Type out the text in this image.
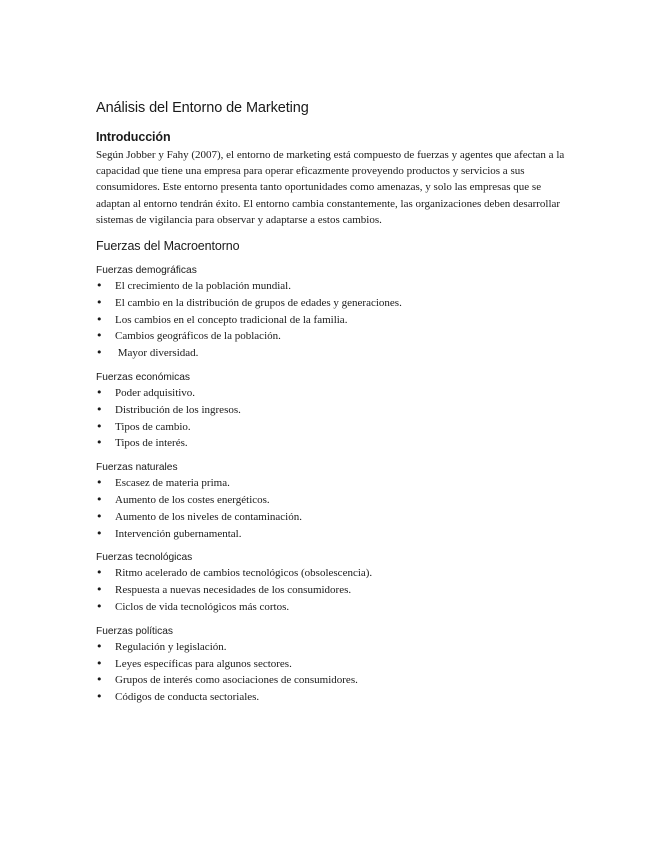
Análisis del Entorno de Marketing
Introducción

Según Jobber y Fahy (2007), el entorno de marketing está compuesto de fuerzas y agentes que afectan a la capacidad que tiene una empresa para operar eficazmente proveyendo productos y servicios a sus consumidores. Este entorno presenta tanto oportunidades como amenazas, y solo las empresas que se adaptan al entorno tendrán éxito. El entorno cambia constantemente, las organizaciones deben desarrollar sistemas de vigilancia para observar y adaptarse a estos cambios.

Fuerzas del Macroentorno
Fuerzas demográficas
• El crecimiento de la población mundial.
• El cambio en la distribución de grupos de edades y generaciones.
• Los cambios en el concepto tradicional de la familia.
• Cambios geográficos de la población.
•  Mayor diversidad.
Fuerzas económicas
• Poder adquisitivo.
• Distribución de los ingresos.
• Tipos de cambio.
• Tipos de interés.
Fuerzas naturales
• Escasez de materia prima.
• Aumento de los costes energéticos.
• Aumento de los niveles de contaminación.
• Intervención gubernamental.
Fuerzas tecnológicas
• Ritmo acelerado de cambios tecnológicos (obsolescencia).
• Respuesta a nuevas necesidades de los consumidores.
• Ciclos de vida tecnológicos más cortos.
Fuerzas políticas
• Regulación y legislación.
• Leyes específicas para algunos sectores.
• Grupos de interés como asociaciones de consumidores.
• Códigos de conducta sectoriales.
